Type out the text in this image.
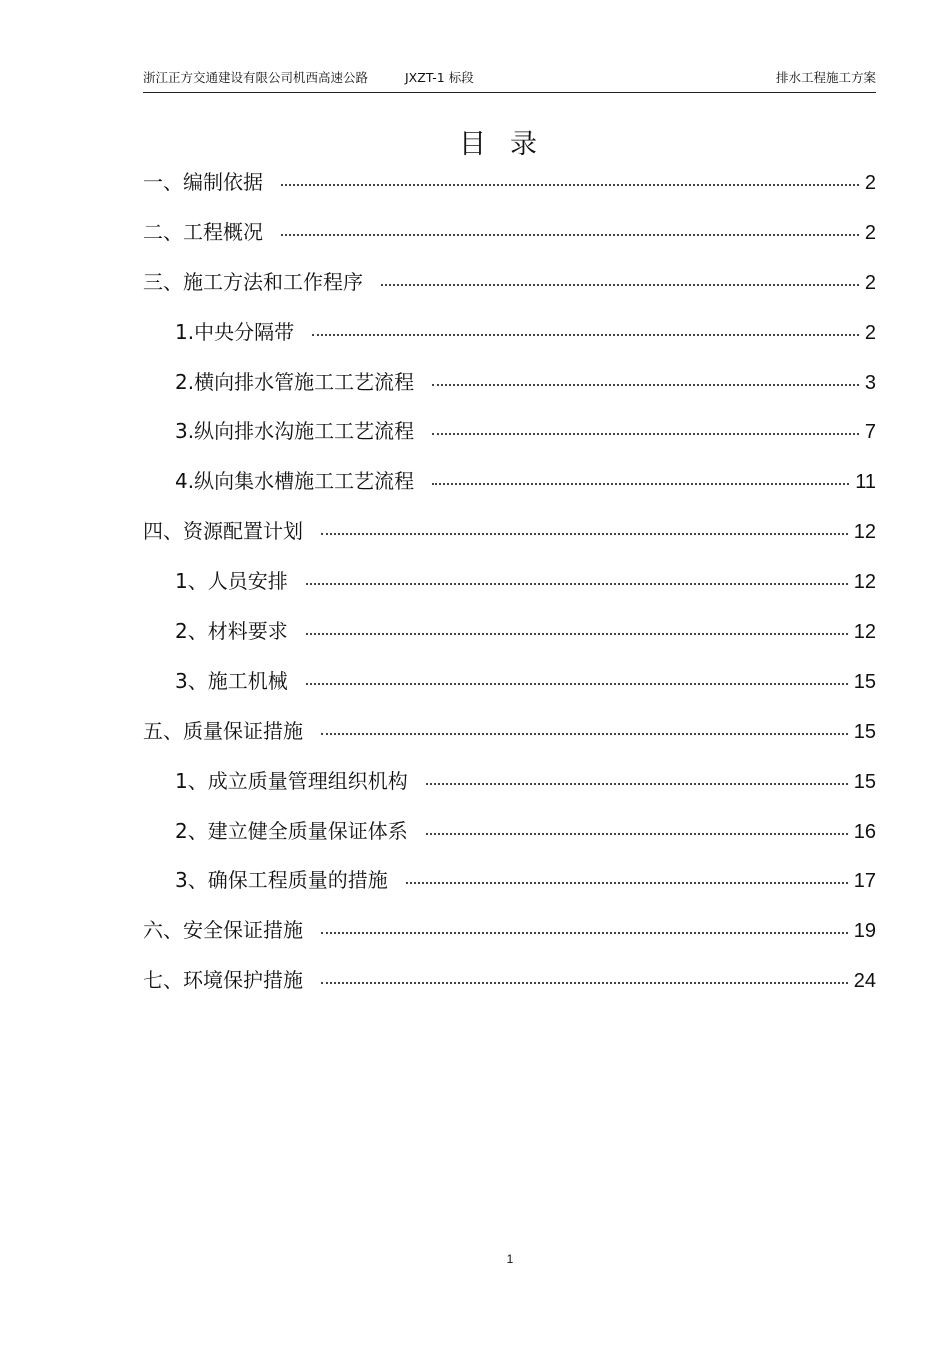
浙江正方交通建设有限公司机西高速公路	JXZT-1 标段	排水工程施工方案
目录
一、编制依据	2
二、工程概况	2
三、施工方法和工作程序	2
1.中央分隔带	2
2.横向排水管施工工艺流程	3
3.纵向排水沟施工工艺流程	7
4.纵向集水槽施工工艺流程	11
四、资源配置计划	12
1、人员安排	12
2、材料要求	12
3、施工机械	15
五、质量保证措施	15
1、成立质量管理组织机构	15
2、建立健全质量保证体系	16
3、确保工程质量的措施	17
六、安全保证措施	19
七、环境保护措施	24
1
